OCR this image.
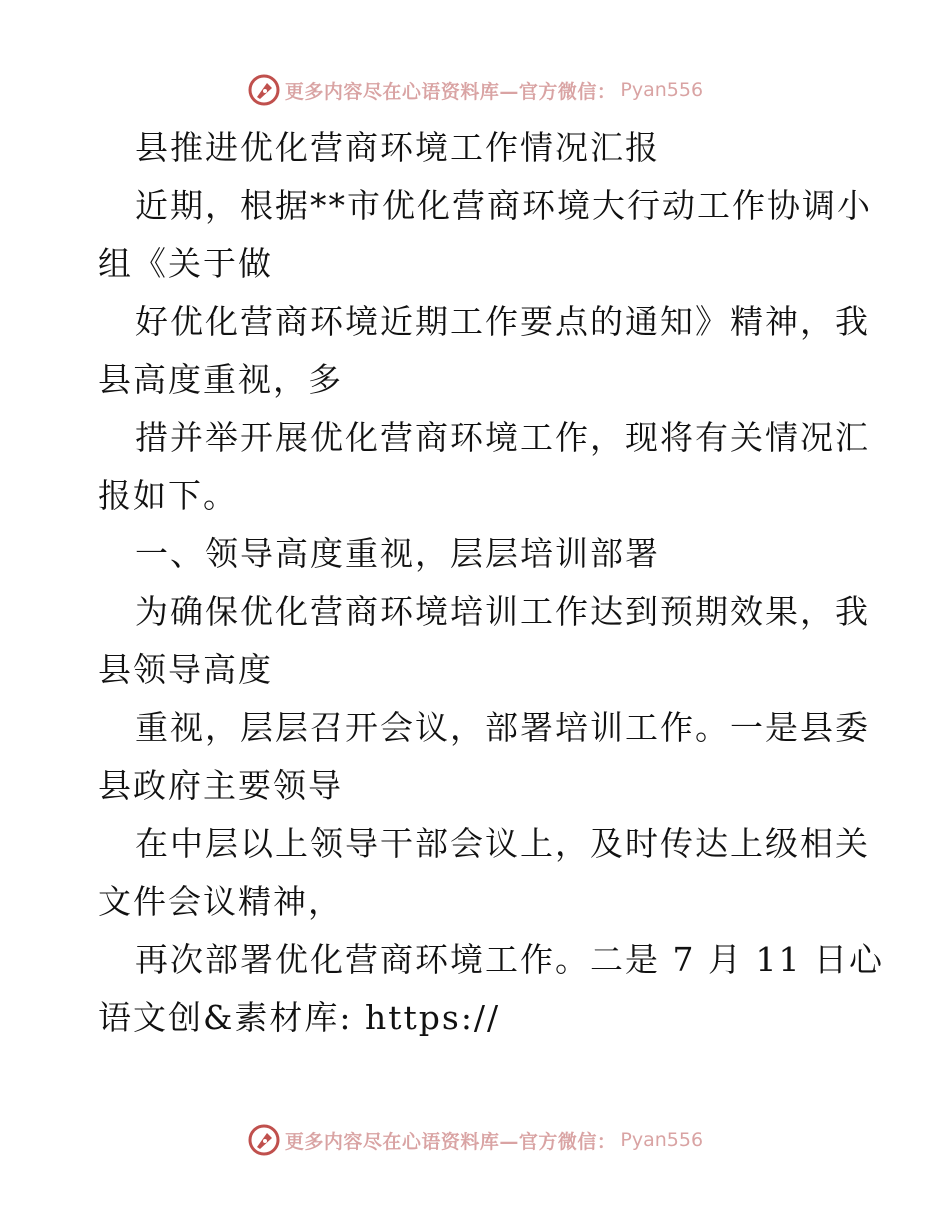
更多内容尽在心语资料库—官方微信： Pyan556
县推进优化营商环境工作情况汇报
近期，根据**市优化营商环境大行动工作协调小
组《关于做
好优化营商环境近期工作要点的通知》精神，我
县高度重视，多
措并举开展优化营商环境工作，现将有关情况汇
报如下。
一、领导高度重视，层层培训部署
为确保优化营商环境培训工作达到预期效果，我
县领导高度
重视，层层召开会议，部署培训工作。一是县委
县政府主要领导
在中层以上领导干部会议上，及时传达上级相关
文件会议精神，
再次部署优化营商环境工作。二是 7 月 11 日心
语文创&素材库: https://
更多内容尽在心语资料库—官方微信： Pyan556
